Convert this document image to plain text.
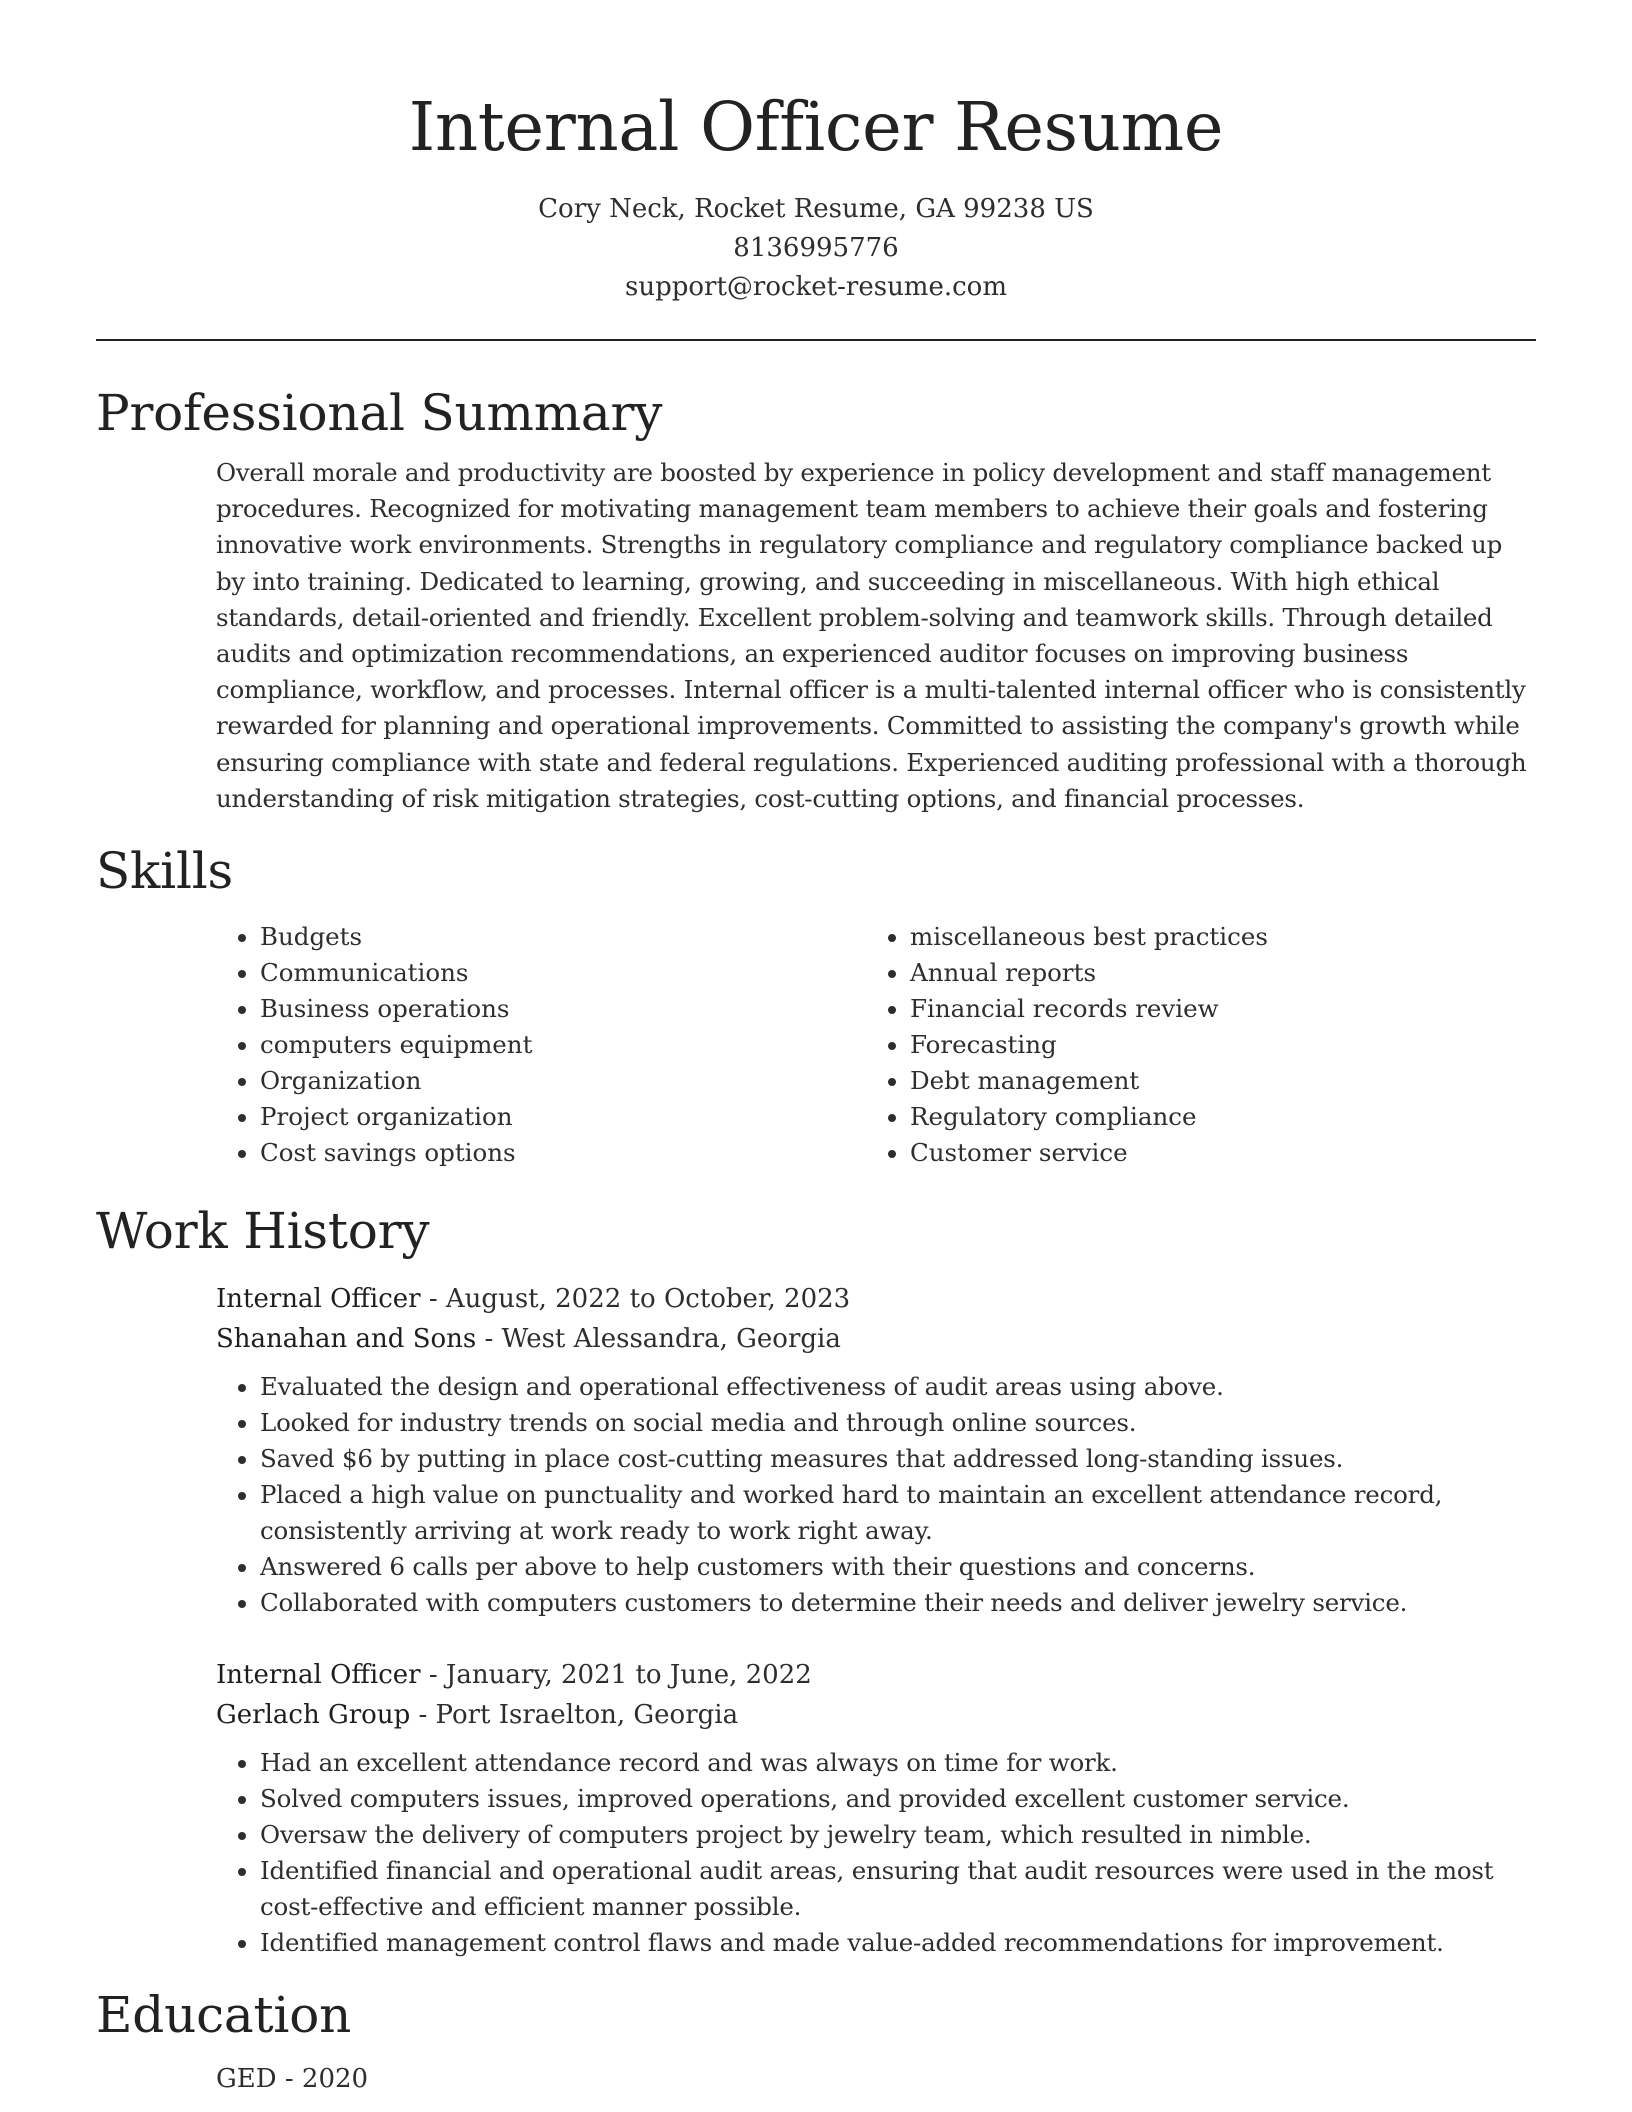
Internal Officer Resume
Cory Neck, Rocket Resume, GA 99238 US
8136995776
support@rocket-resume.com
Professional Summary

Overall morale and productivity are boosted by experience in policy development and staff management procedures. Recognized for motivating management team members to achieve their goals and fostering innovative work environments. Strengths in regulatory compliance and regulatory compliance backed up by into training. Dedicated to learning, growing, and succeeding in miscellaneous. With high ethical standards, detail-oriented and friendly. Excellent problem-solving and teamwork skills. Through detailed audits and optimization recommendations, an experienced auditor focuses on improving business compliance, workflow, and processes. Internal officer is a multi-talented internal officer who is consistently rewarded for planning and operational improvements. Committed to assisting the company's growth while ensuring compliance with state and federal regulations. Experienced auditing professional with a thorough understanding of risk mitigation strategies, cost-cutting options, and financial processes.

Skills
• Budgets
• Communications
• Business operations
• computers equipment
• Organization
• Project organization
• Cost savings options
• miscellaneous best practices
• Annual reports
• Financial records review
• Forecasting
• Debt management
• Regulatory compliance
• Customer service
Work History
Internal Officer - August, 2022 to October, 2023
Shanahan and Sons - West Alessandra, Georgia
• Evaluated the design and operational effectiveness of audit areas using above.
• Looked for industry trends on social media and through online sources.
• Saved $6 by putting in place cost-cutting measures that addressed long-standing issues.
• Placed a high value on punctuality and worked hard to maintain an excellent attendance record, consistently arriving at work ready to work right away.
• Answered 6 calls per above to help customers with their questions and concerns.
• Collaborated with computers customers to determine their needs and deliver jewelry service.
Internal Officer - January, 2021 to June, 2022
Gerlach Group - Port Israelton, Georgia
• Had an excellent attendance record and was always on time for work.
• Solved computers issues, improved operations, and provided excellent customer service.
• Oversaw the delivery of computers project by jewelry team, which resulted in nimble.
• Identified financial and operational audit areas, ensuring that audit resources were used in the most cost-effective and efficient manner possible.
• Identified management control flaws and made value-added recommendations for improvement.
Education
GED - 2020
